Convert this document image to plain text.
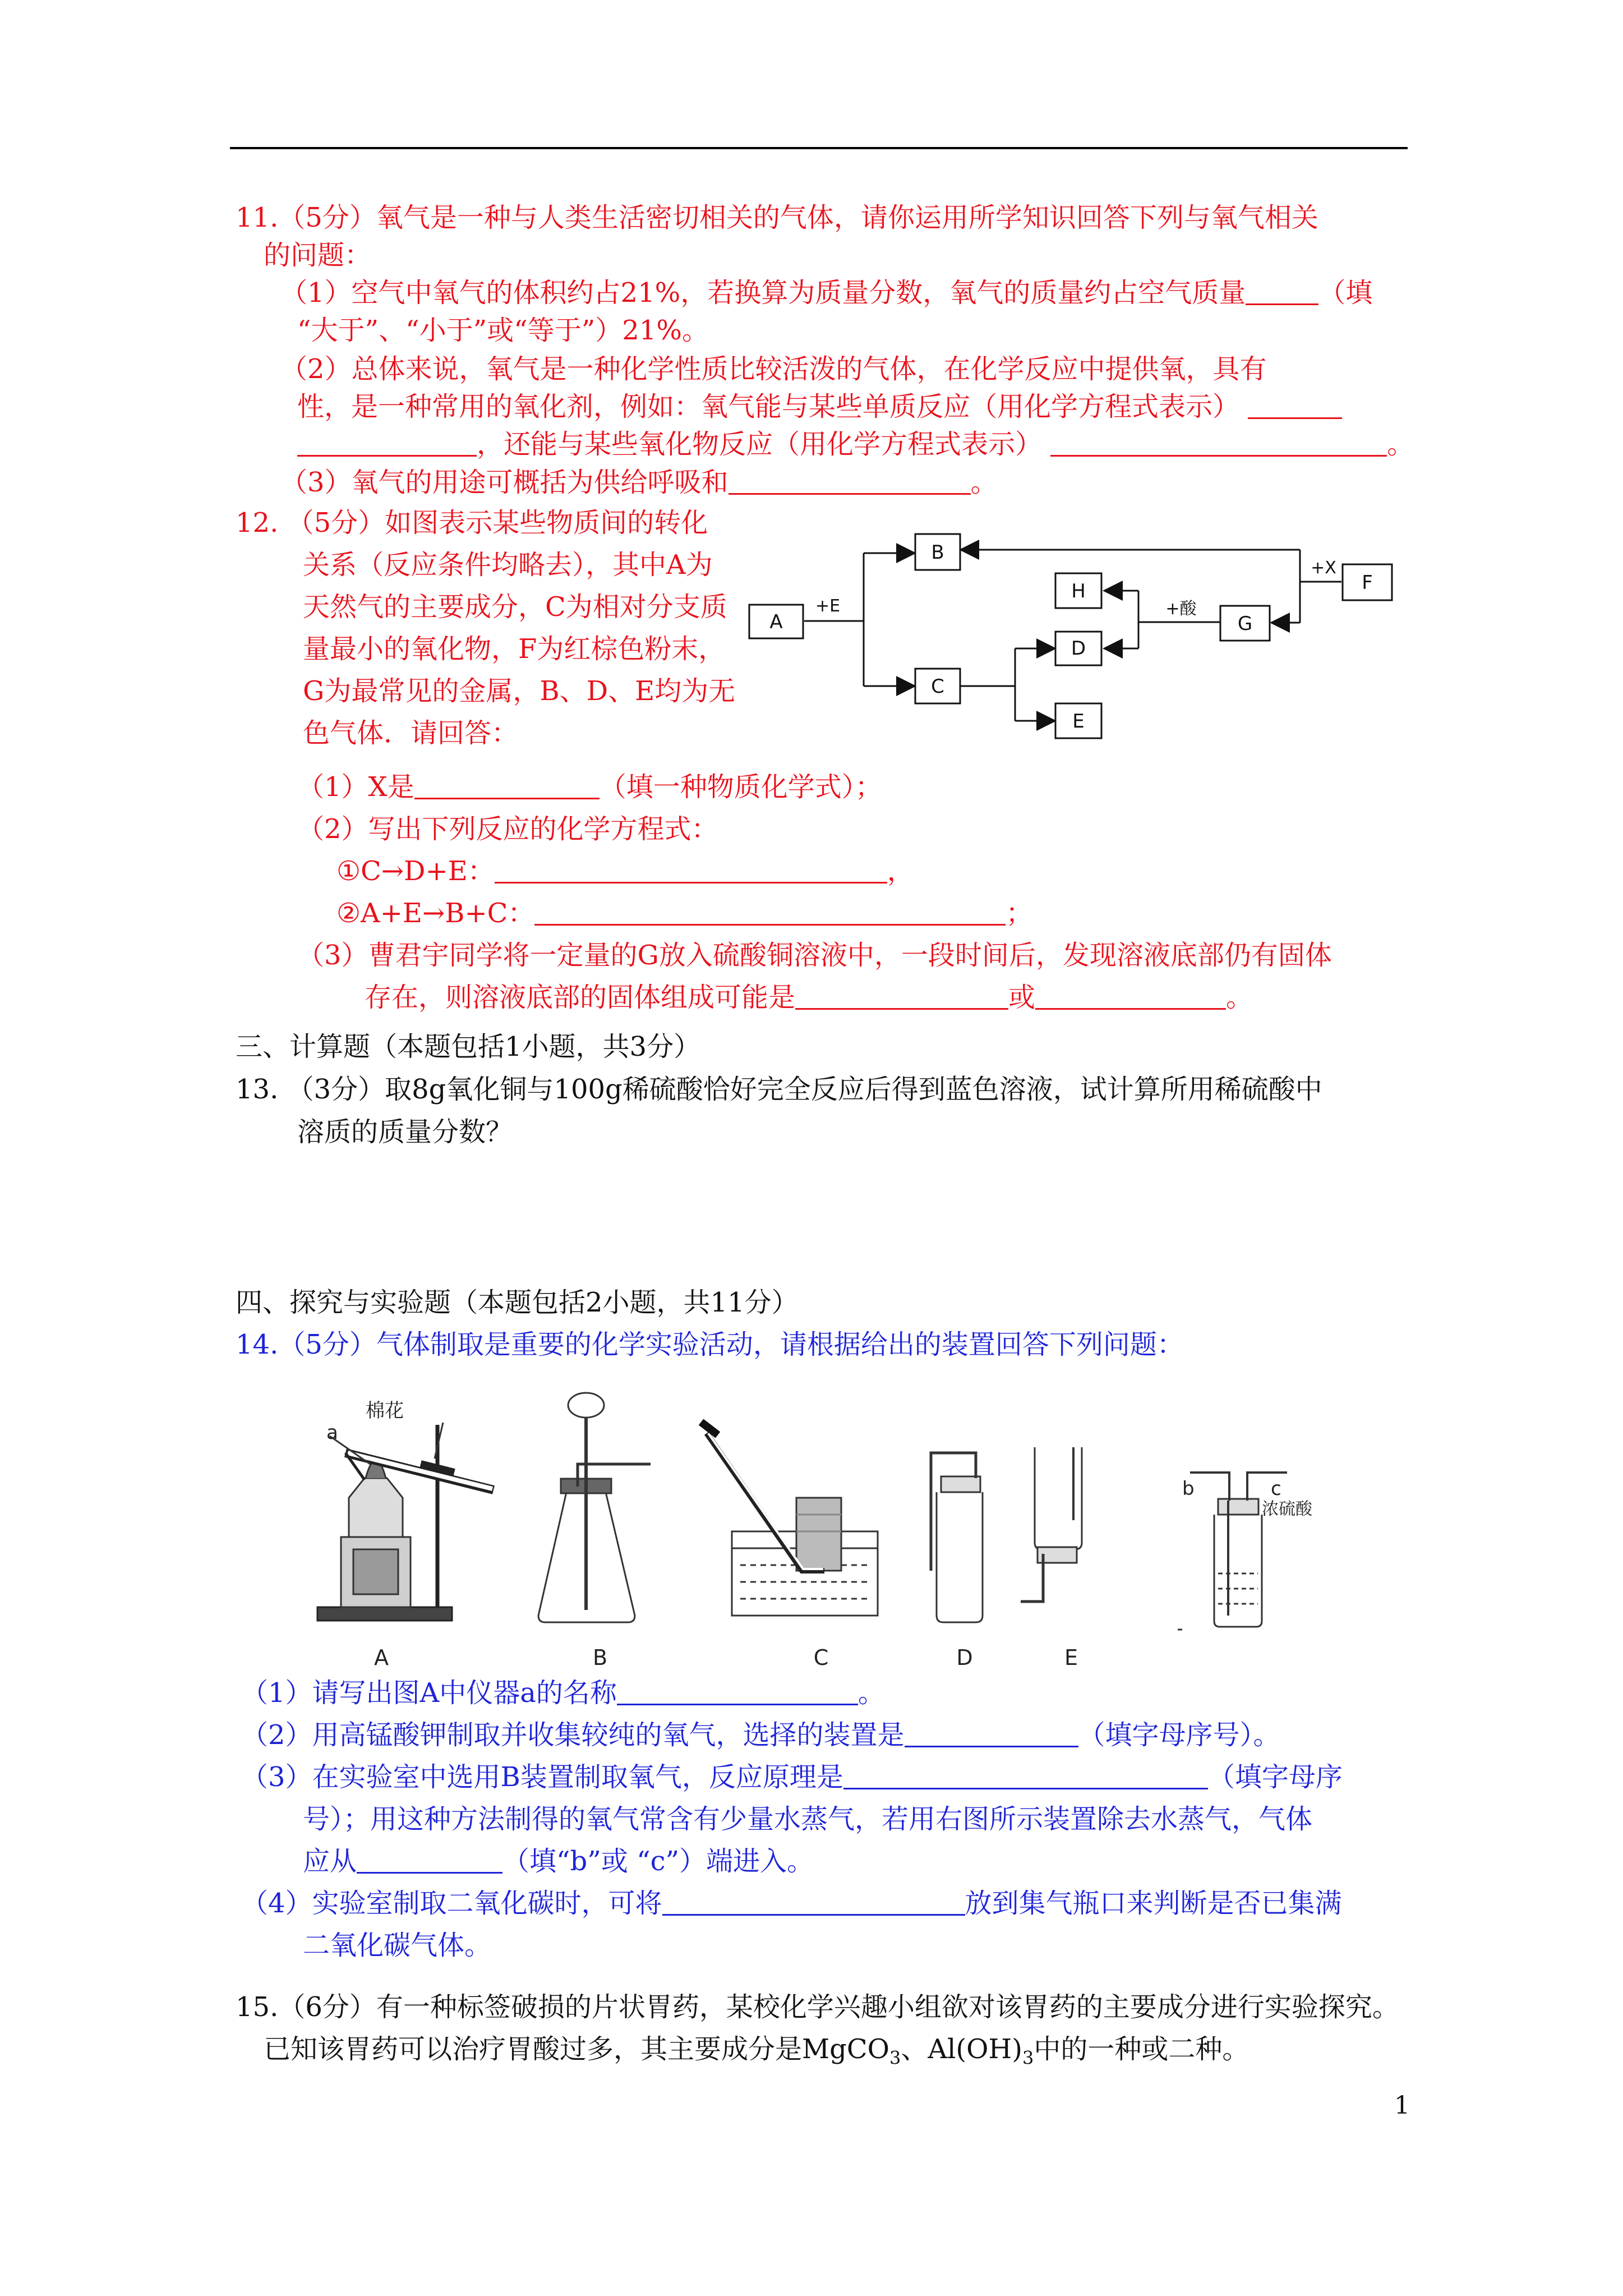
11.（5分）氧气是一种与人类生活密切相关的气体，请你运用所学知识回答下列与氧气相关
的问题：
（1）空气中氧气的体积约占21%，若换算为质量分数，氧气的质量约占空气质量	（填
“大于”、“小于”或“等于”）21%。
（2）总体来说，氧气是一种化学性质比较活泼的气体，在化学反应中提供氧，具有
性，是一种常用的氧化剂，例如：氧气能与某些单质反应（用化学方程式表示）
，还能与某些氧化物反应（用化学方程式表示）	。
（3）氧气的用途可概括为供给呼吸和	。
12. （5分）如图表示某些物质间的转化
关系（反应条件均略去），其中A为
天然气的主要成分，C为相对分支质
量最小的氧化物，F为红棕色粉末，
G为最常见的金属，B、D、E均为无
色气体．请回答：
A
B
C
D
E
F
G
H
+E
+X
+酸
（1）X是	（填一种物质化学式）；
（2）写出下列反应的化学方程式：
①C→D+E：	，
②A+E→B+C：	；
（3）曹君宇同学将一定量的G放入硫酸铜溶液中，一段时间后，发现溶液底部仍有固体
存在，则溶液底部的固体组成可能是	或	。
三、计算题（本题包括1小题，共3分）
13. （3分）取8g氧化铜与100g稀硫酸恰好完全反应后得到蓝色溶液，试计算所用稀硫酸中
溶质的质量分数？
四、探究与实验题（本题包括2小题，共11分）
14.（5分）气体制取是重要的化学实验活动，请根据给出的装置回答下列问题：
棉花
a
b	c
浓硫酸
A	B	C	D	E
（1）请写出图A中仪器a的名称	。
（2）用高锰酸钾制取并收集较纯的氧气，选择的装置是	（填字母序号）。
（3）在实验室中选用B装置制取氧气，反应原理是	（填字母序
号）；用这种方法制得的氧气常含有少量水蒸气，若用右图所示装置除去水蒸气，气体
应从	（填“b”或 “c”）端进入。
（4）实验室制取二氧化碳时，可将	放到集气瓶口来判断是否已集满
二氧化碳气体。
15.（6分）有一种标签破损的片状胃药，某校化学兴趣小组欲对该胃药的主要成分进行实验探究。
已知该胃药可以治疗胃酸过多，其主要成分是MgCO$_3$、$Al(OH)_3$中的一种或二种。
1
